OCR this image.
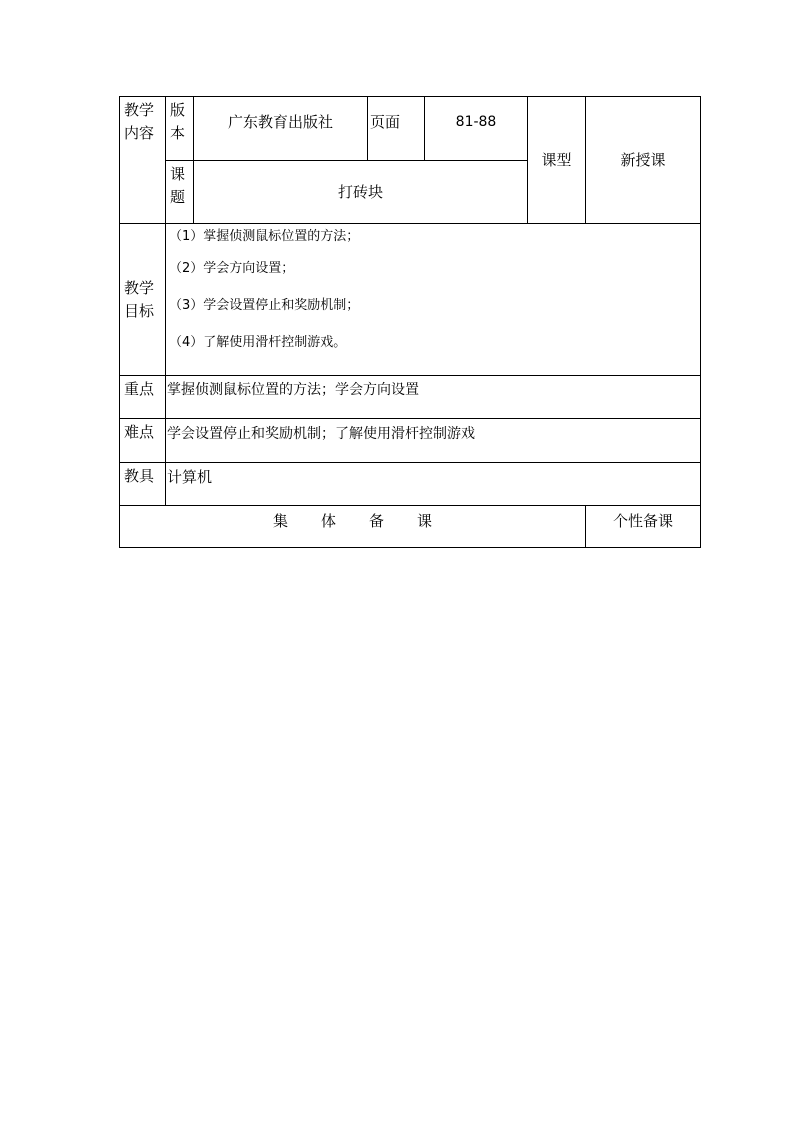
教学内容	版本	广东教育出版社	页面	81-88	课型	新授课

	课题	打砖块				

教学目标	（1）掌握侦测鼠标位置的方法；
（2）学会方向设置；
（3）学会设置停止和奖励机制；
（4）了解使用滑杆控制游戏。					

重点	掌握侦测鼠标位置的方法；学会方向设置					
难点	学会设置停止和奖励机制；了解使用滑杆控制游戏					
教具	计算机					
集 体 备 课						个性备课
